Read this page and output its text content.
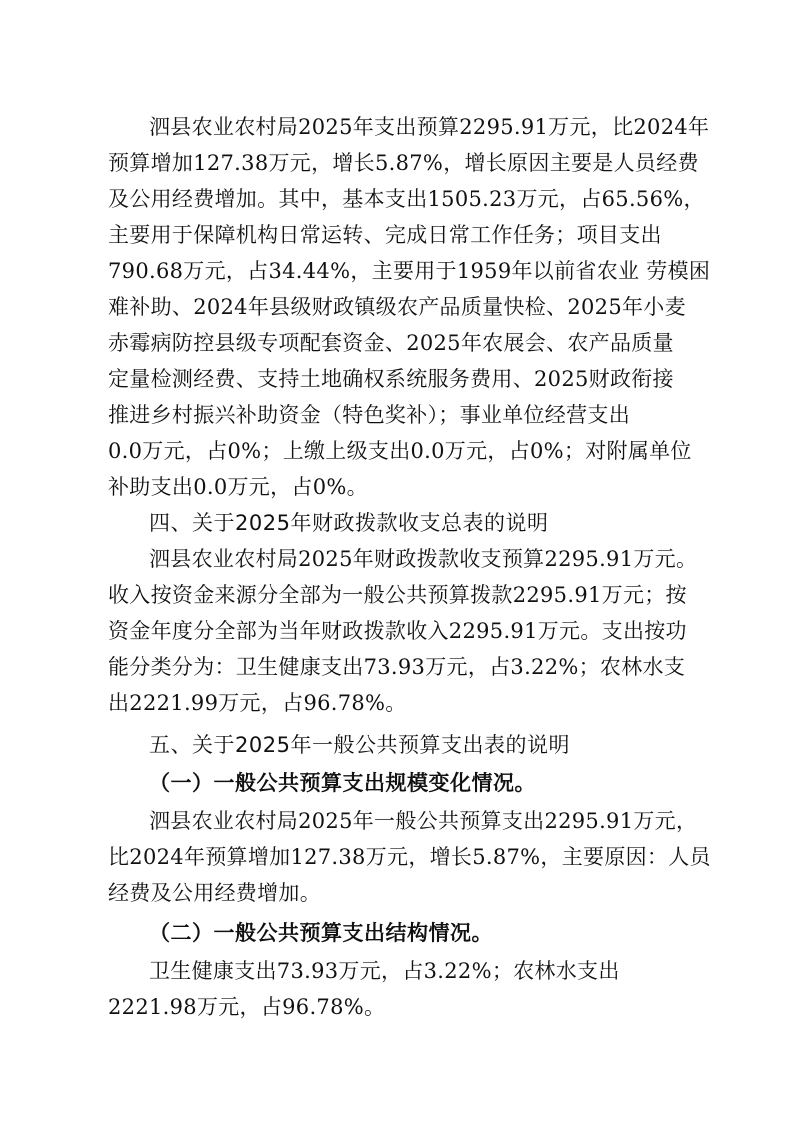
泗县农业农村局2025年支出预算2295.91万元，比2024年
预算增加127.38万元，增长5.87%，增长原因主要是人员经费
及公用经费增加。其中，基本支出1505.23万元，占65.56%，
主要用于保障机构日常运转、完成日常工作任务；项目支出
790.68万元，占34.44%，主要用于1959年以前省农业 劳模困
难补助、2024年县级财政镇级农产品质量快检、2025年小麦
赤霉病防控县级专项配套资金、2025年农展会、农产品质量
定量检测经费、支持土地确权系统服务费用、2025财政衔接
推进乡村振兴补助资金（特色奖补）；事业单位经营支出
0.0万元，占0%；上缴上级支出0.0万元，占0%；对附属单位
补助支出0.0万元，占0%。
四、关于2025年财政拨款收支总表的说明
泗县农业农村局2025年财政拨款收支预算2295.91万元。
收入按资金来源分全部为一般公共预算拨款2295.91万元；按
资金年度分全部为当年财政拨款收入2295.91万元。支出按功
能分类分为：卫生健康支出73.93万元，占3.22%；农林水支
出2221.99万元，占96.78%。
五、关于2025年一般公共预算支出表的说明
（一）一般公共预算支出规模变化情况。
泗县农业农村局2025年一般公共预算支出2295.91万元，
比2024年预算增加127.38万元，增长5.87%，主要原因：人员
经费及公用经费增加。
（二）一般公共预算支出结构情况。
卫生健康支出73.93万元，占3.22%；农林水支出
2221.98万元，占96.78%。
